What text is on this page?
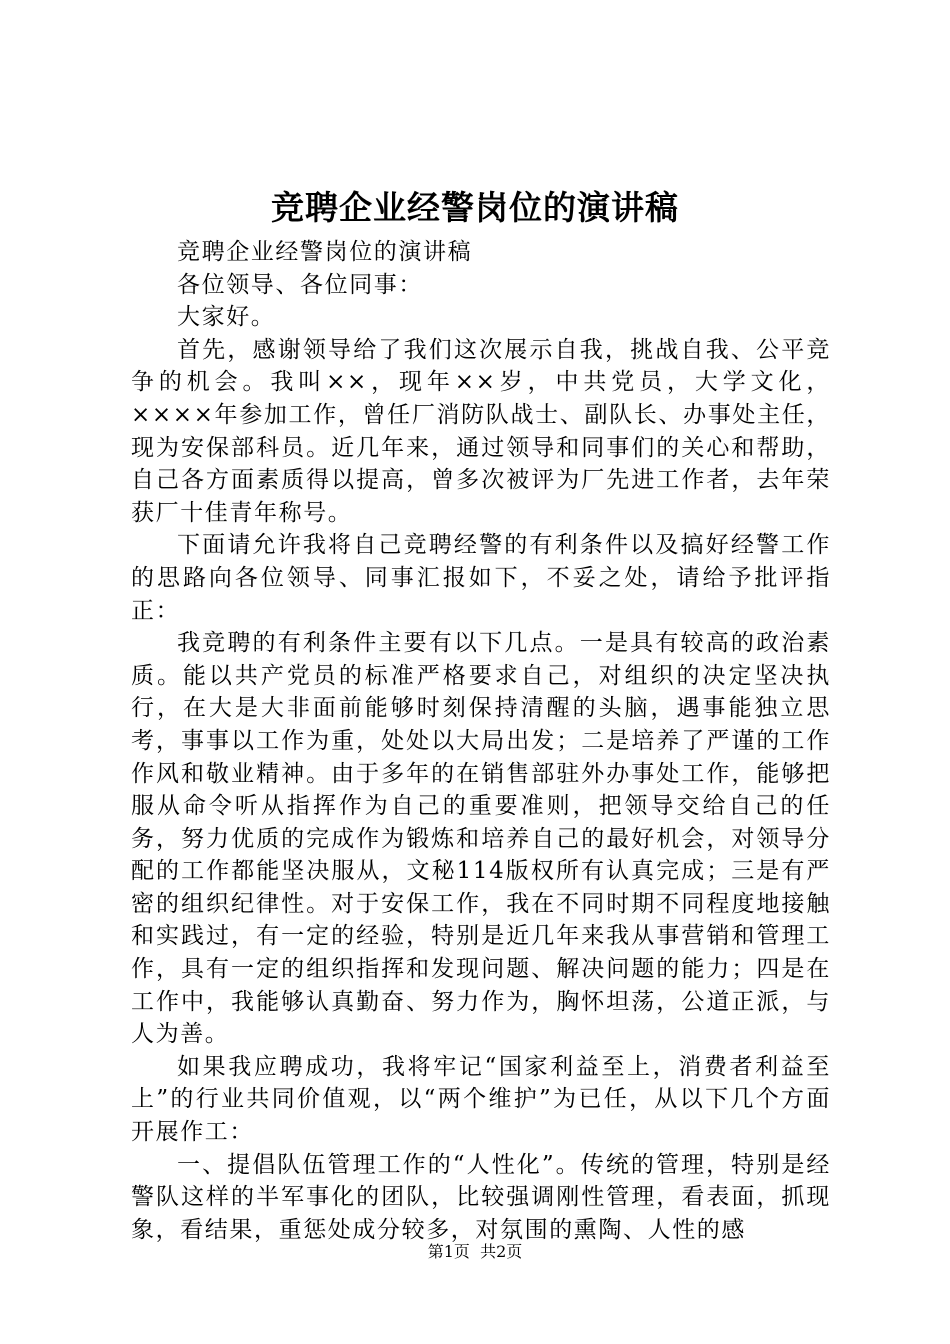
竞聘企业经警岗位的演讲稿

竞聘企业经警岗位的演讲稿

各位领导、各位同事：

大家好。

首先，感谢领导给了我们这次展示自我，挑战自我、公平竞争的机会。我叫××，现年××岁，中共党员，大学文化，××××年参加工作，曾任厂消防队战士、副队长、办事处主任，现为安保部科员。近几年来，通过领导和同事们的关心和帮助，自己各方面素质得以提高，曾多次被评为厂先进工作者，去年荣获厂十佳青年称号。

下面请允许我将自己竞聘经警的有利条件以及搞好经警工作的思路向各位领导、同事汇报如下，不妥之处，请给予批评指正：

我竞聘的有利条件主要有以下几点。一是具有较高的政治素质。能以共产党员的标准严格要求自己，对组织的决定坚决执行，在大是大非面前能够时刻保持清醒的头脑，遇事能独立思考，事事以工作为重，处处以大局出发；二是培养了严谨的工作作风和敬业精神。由于多年的在销售部驻外办事处工作，能够把服从命令听从指挥作为自己的重要准则，把领导交给自己的任务，努力优质的完成作为锻炼和培养自己的最好机会，对领导分配的工作都能坚决服从，文秘114版权所有认真完成；三是有严密的组织纪律性。对于安保工作，我在不同时期不同程度地接触和实践过，有一定的经验，特别是近几年来我从事营销和管理工作，具有一定的组织指挥和发现问题、解决问题的能力；四是在工作中，我能够认真勤奋、努力作为，胸怀坦荡，公道正派，与人为善。

如果我应聘成功，我将牢记“国家利益至上，消费者利益至上”的行业共同价值观，以“两个维护”为已任，从以下几个方面开展作工：

一、提倡队伍管理工作的“人性化”。传统的管理，特别是经警队这样的半军事化的团队，比较强调刚性管理，看表面，抓现象，看结果，重惩处成分较多，对氛围的熏陶、人性的感

第1页  共2页
